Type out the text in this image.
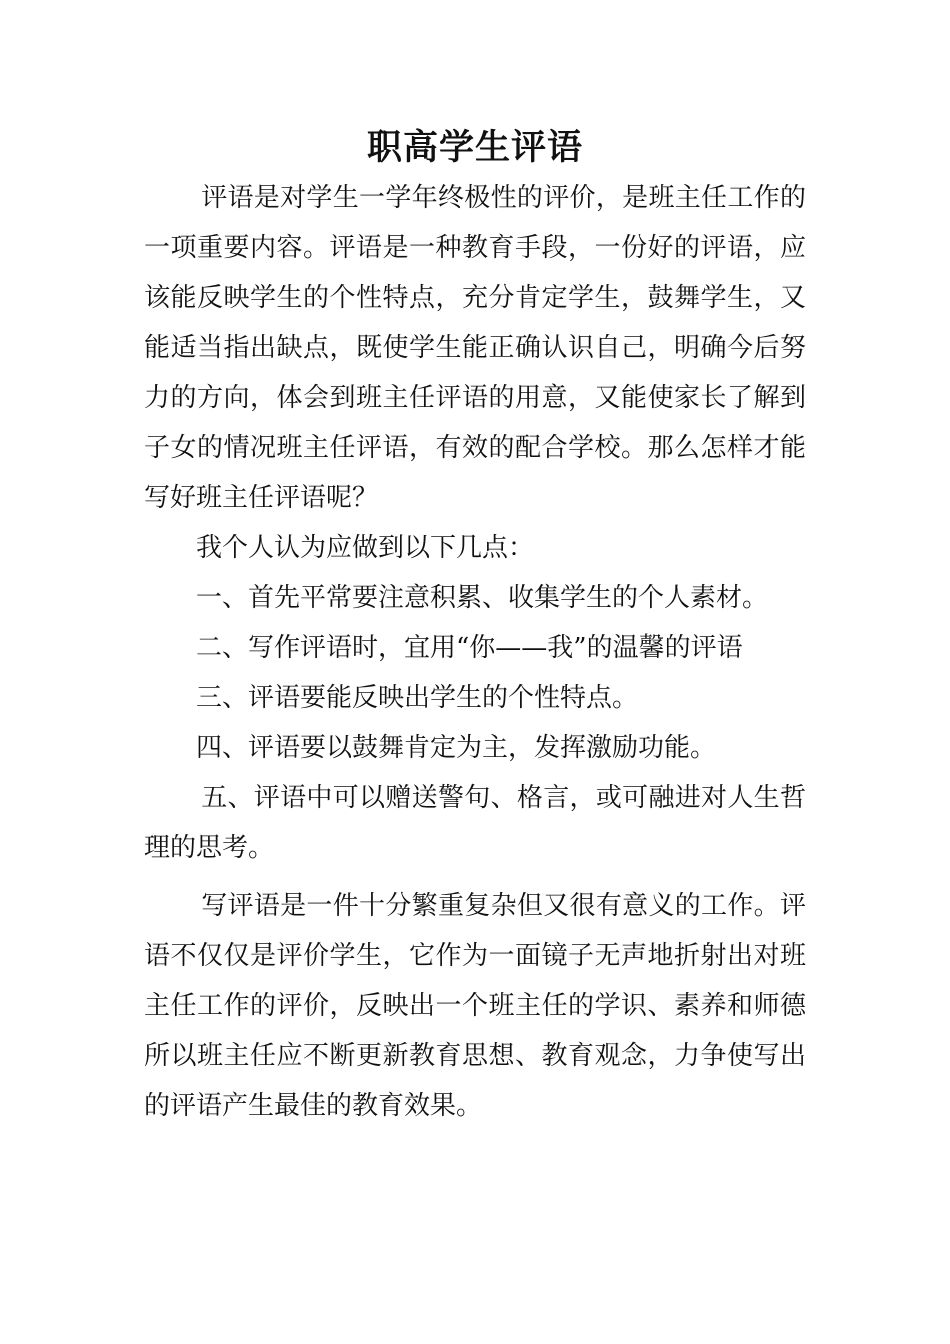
职高学生评语

评语是对学生一学年终极性的评价，是班主任工作的一项重要内容。评语是一种教育手段，一份好的评语，应该能反映学生的个性特点，充分肯定学生，鼓舞学生，又能适当指出缺点，既使学生能正确认识自己，明确今后努力的方向，体会到班主任评语的用意，又能使家长了解到子女的情况班主任评语，有效的配合学校。那么怎样才能写好班主任评语呢？

我个人认为应做到以下几点：

一、首先平常要注意积累、收集学生的个人素材。

二、写作评语时，宜用“你——我”的温馨的评语

三、评语要能反映出学生的个性特点。

四、评语要以鼓舞肯定为主，发挥激励功能。

五、评语中可以赠送警句、格言，或可融进对人生哲理的思考。

写评语是一件十分繁重复杂但又很有意义的工作。评语不仅仅是评价学生，它作为一面镜子无声地折射出对班主任工作的评价，反映出一个班主任的学识、素养和师德所以班主任应不断更新教育思想、教育观念，力争使写出的评语产生最佳的教育效果。
